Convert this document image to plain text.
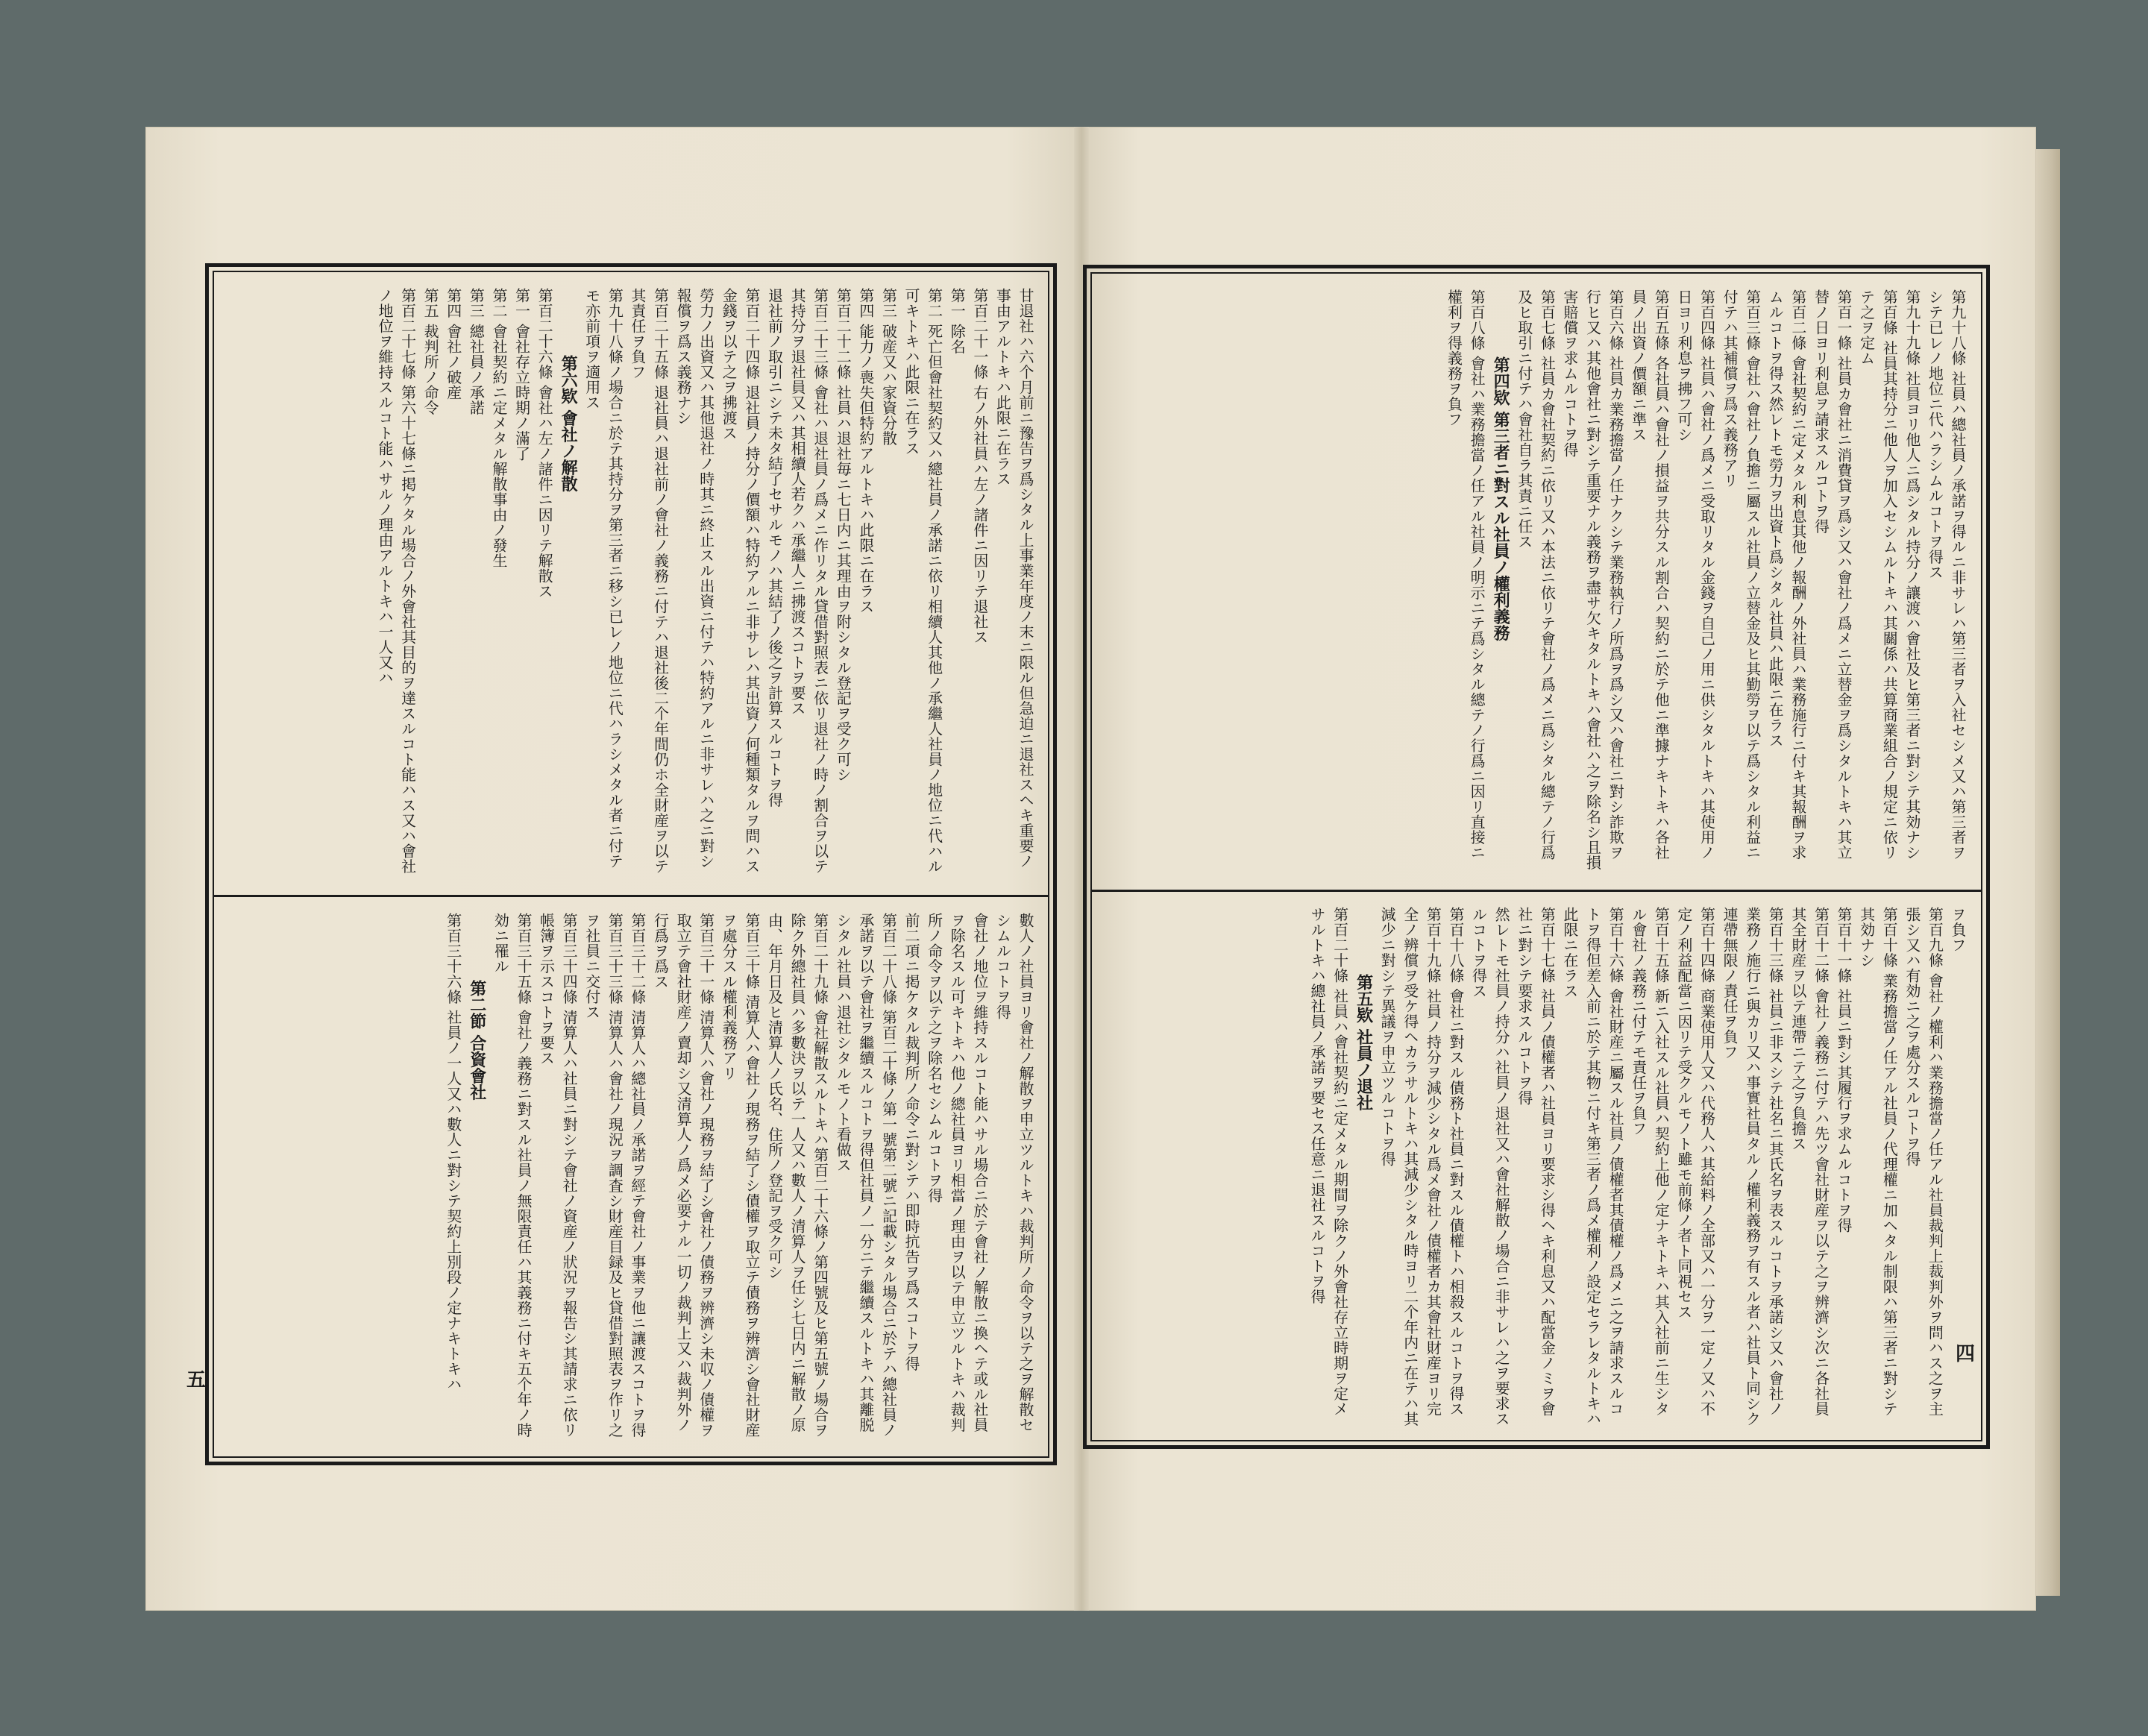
甘退社ハ六个月前ニ豫告ヲ爲シタル上事業年度ノ末ニ限ル但急迫ニ退社スヘキ重要ノ事由アルトキハ此限ニ在ラス
第百二十一條 右ノ外社員ハ左ノ諸件ニ因リテ退社ス
第一 除名
第二 死亡但會社契約又ハ總社員ノ承諾ニ依リ相續人其他ノ承繼人社員ノ地位ニ代ハル可キトキハ此限ニ在ラス
第三 破産又ハ家資分散
第四 能力ノ喪失但特約アルトキハ此限ニ在ラス
第百二十二條 社員ハ退社毎ニ七日内ニ其理由ヲ附シタル登記ヲ受ク可シ
第百二十三條 會社ハ退社員ノ爲メニ作リタル貸借對照表ニ依リ退社ノ時ノ割合ヲ以テ其持分ヲ退社員又ハ其相續人若クハ承繼人ニ拂渡スコトヲ要ス
退社前ノ取引ニシテ未タ結了セサルモノハ其結了ノ後之ヲ計算スルコトヲ得
第百二十四條 退社員ノ持分ノ價額ハ特約アルニ非サレハ其出資ノ何種類タルヲ問ハス金錢ヲ以テ之ヲ拂渡ス
勞力ノ出資又ハ其他退社ノ時其ニ終止スル出資ニ付テハ特約アルニ非サレハ之ニ對シ報償ヲ爲ス義務ナシ
第百二十五條 退社員ハ退社前ノ會社ノ義務ニ付テハ退社後二个年間仍ホ全財産ヲ以テ其責任ヲ負フ
第九十八條ノ場合ニ於テ其持分ヲ第三者ニ移シ已レノ地位ニ代ハラシメタル者ニ付テモ亦前項ヲ適用ス
第六欵 會社ノ解散
第百二十六條 會社ハ左ノ諸件ニ因リテ解散ス
第一 會社存立時期ノ滿了
第二 會社契約ニ定メタル解散事由ノ發生
第三 總社員ノ承諾
第四 會社ノ破産
第五 裁判所ノ命令
第百二十七條 第六十七條ニ掲ケタル場合ノ外會社其目的ヲ達スルコト能ハス又ハ會社ノ地位ヲ維持スルコト能ハサルノ理由アルトキハ一人又ハ
數人ノ社員ヨリ會社ノ解散ヲ申立ツルトキハ裁判所ノ命令ヲ以テ之ヲ解散セシムルコトヲ得
會社ノ地位ヲ維持スルコト能ハサル場合ニ於テ會社ノ解散ニ換ヘテ或ル社員ヲ除名スル可キトキハ他ノ總社員ヨリ相當ノ理由ヲ以テ申立ツルトキハ裁判所ノ命令ヲ以テ之ヲ除名セシムルコトヲ得
前二項ニ掲ケタル裁判所ノ命令ニ對シテハ即時抗告ヲ爲スコトヲ得
第百二十八條 第百二十條ノ第一號第二號ニ記載シタル場合ニ於テハ總社員ノ承諾ヲ以テ會社ヲ繼續スルコトヲ得但社員ノ一分ニテ繼續スルトキハ其離脱シタル社員ハ退社シタルモノト看做ス
第百二十九條 會社解散スルトキハ第百二十六條ノ第四號及ヒ第五號ノ場合ヲ除ク外總社員ハ多數決ヲ以テ一人又ハ數人ノ清算人ヲ任シ七日内ニ解散ノ原由、年月日及ヒ清算人ノ氏名、住所ノ登記ヲ受ク可シ
第百三十條 清算人ハ會社ノ現務ヲ結了シ債權ヲ取立テ債務ヲ辨濟シ會社財産ヲ處分スル權利義務アリ
第百三十一條 清算人ハ會社ノ現務ヲ結了シ會社ノ債務ヲ辨濟シ未収ノ債權ヲ取立テ會社財産ノ賣却シ又清算人ノ爲メ必要ナル一切ノ裁判上又ハ裁判外ノ行爲ヲ爲ス
第百三十二條 清算人ハ總社員ノ承諾ヲ經テ會社ノ事業ヲ他ニ讓渡スコトヲ得
第百三十三條 清算人ハ會社ノ現況ヲ調査シ財産目録及ヒ貸借對照表ヲ作リ之ヲ社員ニ交付ス
第百三十四條 清算人ハ社員ニ對シテ會社ノ資産ノ狀況ヲ報告シ其請求ニ依リ帳簿ヲ示スコトヲ要ス
第百三十五條 會社ノ義務ニ對スル社員ノ無限責任ハ其義務ニ付キ五个年ノ時効ニ罹ル
第二節 合資會社
第百三十六條 社員ノ一人又ハ數人ニ對シテ契約上別段ノ定ナキトキハ
第九十八條 社員ハ總社員ノ承諾ヲ得ルニ非サレハ第三者ヲ入社セシメ又ハ第三者ヲシテ已レノ地位ニ代ハラシムルコトヲ得ス
第九十九條 社員ヨリ他人ニ爲シタル持分ノ讓渡ハ會社及ヒ第三者ニ對シテ其効ナシ
第百條 社員其持分ニ他人ヲ加入セシムルトキハ其關係ハ共算商業組合ノ規定ニ依リテ之ヲ定ム
第百一條 社員カ會社ニ消費貸ヲ爲シ又ハ會社ノ爲メニ立替金ヲ爲シタルトキハ其立替ノ日ヨリ利息ヲ請求スルコトヲ得
第百二條 會社契約ニ定メタル利息其他ノ報酬ノ外社員ハ業務施行ニ付キ其報酬ヲ求ムルコトヲ得ス然レトモ勞力ヲ出資ト爲シタル社員ハ此限ニ在ラス
第百三條 會社ハ會社ノ負擔ニ屬スル社員ノ立替金及ヒ其勤勞ヲ以テ爲シタル利益ニ付テハ其補償ヲ爲ス義務アリ
第百四條 社員ハ會社ノ爲メニ受取リタル金錢ヲ自己ノ用ニ供シタルトキハ其使用ノ日ヨリ利息ヲ拂フ可シ
第百五條 各社員ハ會社ノ損益ヲ共分スル割合ハ契約ニ於テ他ニ準據ナキトキハ各社員ノ出資ノ價額ニ準ス
第百六條 社員カ業務擔當ノ任ナクシテ業務執行ノ所爲ヲ爲シ又ハ會社ニ對シ詐欺ヲ行ヒ又ハ其他會社ニ對シテ重要ナル義務ヲ盡サ欠キタルトキハ會社ハ之ヲ除名シ且損害賠償ヲ求ムルコトヲ得
第百七條 社員カ會社契約ニ依リ又ハ本法ニ依リテ會社ノ爲メニ爲シタル總テノ行爲及ヒ取引ニ付テハ會社自ラ其責ニ任ス
第四欵 第三者ニ對スル社員ノ權利義務
第百八條 會社ハ業務擔當ノ任アル社員ノ明示ニテ爲シタル總テノ行爲ニ因リ直接ニ權利ヲ得義務ヲ負フ
ヲ負フ
第百九條 會社ノ權利ハ業務擔當ノ任アル社員裁判上裁判外ヲ問ハス之ヲ主張シ又ハ有効ニ之ヲ處分スルコトヲ得
第百十條 業務擔當ノ任アル社員ノ代理權ニ加ヘタル制限ハ第三者ニ對シテ其効ナシ
第百十一條 社員ニ對シ其履行ヲ求ムルコトヲ得
第百十二條 會社ノ義務ニ付テハ先ツ會社財産ヲ以テ之ヲ辨濟シ次ニ各社員其全財産ヲ以テ連帶ニテ之ヲ負擔ス
第百十三條 社員ニ非スシテ社名ニ其氏名ヲ表スルコトヲ承諾シ又ハ會社ノ業務ノ施行ニ與カリ又ハ事實社員タルノ權利義務ヲ有スル者ハ社員ト同シク連帶無限ノ責任ヲ負フ
第百十四條 商業使用人又ハ代務人ハ其給料ノ全部又ハ一分ヲ一定ノ又ハ不定ノ利益配當ニ因リテ受クルモノト雖モ前條ノ者ト同視セス
第百十五條 新ニ入社スル社員ハ契約上他ノ定ナキトキハ其入社前ニ生シタル會社ノ義務ニ付テモ責任ヲ負フ
第百十六條 會社財産ニ屬スル社員ノ債權者其債權ノ爲メニ之ヲ請求スルコトヲ得但差入前ニ於テ其物ニ付キ第三者ノ爲メ權利ノ設定セラレタルトキハ此限ニ在ラス
第百十七條 社員ノ債權者ハ社員ヨリ要求シ得ヘキ利息又ハ配當金ノミヲ會社ニ對シテ要求スルコトヲ得
然レトモ社員ノ持分ハ社員ノ退社又ハ會社解散ノ場合ニ非サレハ之ヲ要求スルコトヲ得ス
第百十八條 會社ニ對スル債務ト社員ニ對スル債權トハ相殺スルコトヲ得ス
第百十九條 社員ノ持分ヲ減少シタル爲メ會社ノ債權者カ其會社財産ヨリ完全ノ辨償ヲ受ケ得ヘカラサルトキハ其減少シタル時ヨリ二个年内ニ在テハ其減少ニ對シテ異議ヲ申立ツルコトヲ得
第五欵 社員ノ退社
第百二十條 社員ハ會社契約ニ定メタル期間ヲ除クノ外會社存立時期ヲ定メサルトキハ總社員ノ承諾ヲ要セス任意ニ退社スルコトヲ得
五
四
